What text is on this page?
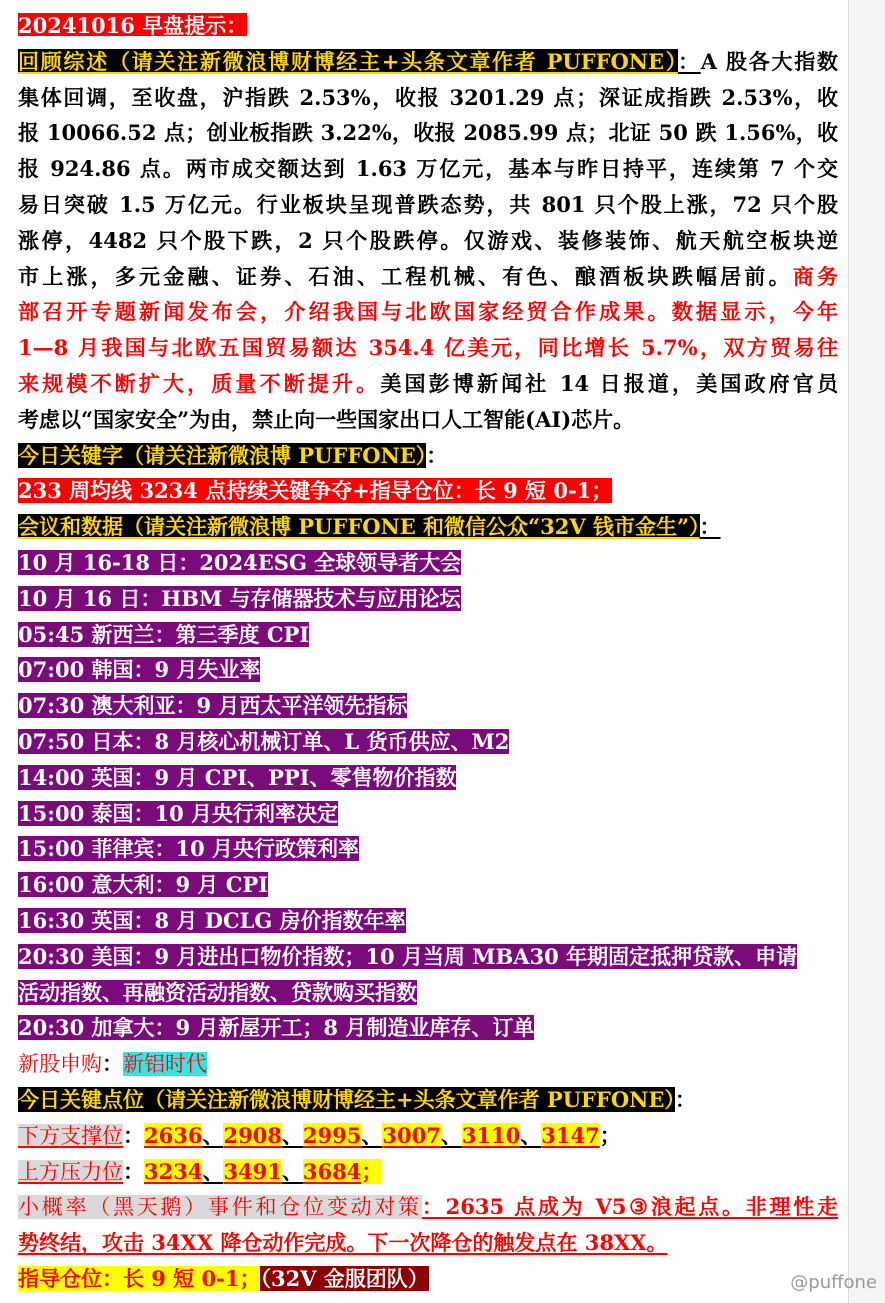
20241016 早盘提示：
回顾综述（请关注新微浪博财博经主+头条文章作者 PUFFONE）：A 股各大指数
集体回调，至收盘，沪指跌 2.53%，收报 3201.29 点；深证成指跌 2.53%，收
报 10066.52 点；创业板指跌 3.22%，收报 2085.99 点；北证 50 跌 1.56%，收
报 924.86 点。两市成交额达到 1.63 万亿元，基本与昨日持平，连续第 7 个交
易日突破 1.5 万亿元。行业板块呈现普跌态势，共 801 只个股上涨，72 只个股
涨停，4482 只个股下跌，2 只个股跌停。仅游戏、装修装饰、航天航空板块逆
市上涨，多元金融、证券、石油、工程机械、有色、酿酒板块跌幅居前。商务
部召开专题新闻发布会，介绍我国与北欧国家经贸合作成果。数据显示，今年
1—8 月我国与北欧五国贸易额达 354.4 亿美元，同比增长 5.7%，双方贸易往
来规模不断扩大，质量不断提升。美国彭博新闻社 14 日报道，美国政府官员
考虑以“国家安全”为由，禁止向一些国家出口人工智能(AI)芯片。
今日关键字（请关注新微浪博 PUFFONE）：
233 周均线 3234 点持续关键争夺+指导仓位：长 9 短 0-1；
会议和数据（请关注新微浪博 PUFFONE 和微信公众“32V 钱市金生”）：
10 月 16-18 日：2024ESG 全球领导者大会
10 月 16 日：HBM 与存储器技术与应用论坛
05:45 新西兰：第三季度 CPI
07:00 韩国：9 月失业率
07:30 澳大利亚：9 月西太平洋领先指标
07:50 日本：8 月核心机械订单、L 货币供应、M2
14:00 英国：9 月 CPI、PPI、零售物价指数
15:00 泰国：10 月央行利率决定
15:00 菲律宾：10 月央行政策利率
16:00 意大利：9 月 CPI
16:30 英国：8 月 DCLG 房价指数年率
20:30 美国：9 月进出口物价指数；10 月当周 MBA30 年期固定抵押贷款、申请
活动指数、再融资活动指数、贷款购买指数
20:30 加拿大：9 月新屋开工；8 月制造业库存、订单
新股申购：新铝时代
今日关键点位（请关注新微浪博财博经主+头条文章作者 PUFFONE）：
下方支撑位：2636、2908、2995、3007、3110、3147；
上方压力位：3234、3491、3684；
小概率（黑天鹅）事件和仓位变动对策：2635 点成为 V5③浪起点。非理性走
势终结，攻击 34XX 降仓动作完成。下一次降仓的触发点在 38XX。
指导仓位：长 9 短 0-1；（32V 金服团队）	@puffone
